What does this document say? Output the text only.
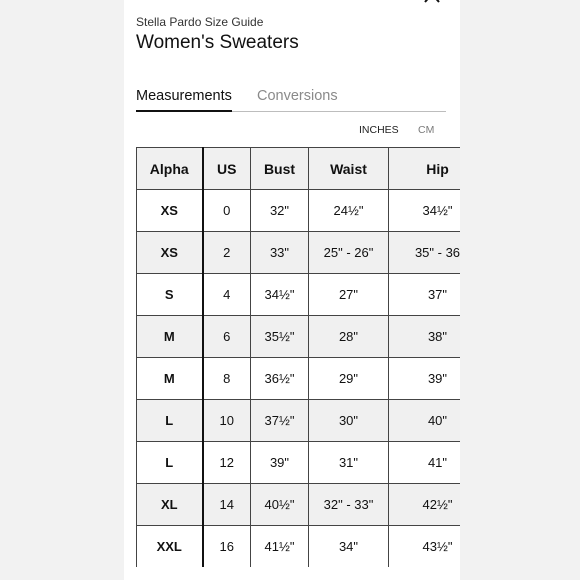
Stella Pardo Size Guide
Women's Sweaters
Measurements Conversions
INCHES CM
Alpha	US	Bust	Waist	Hip
XS	0	32"	24½"	34½"
XS	2	33"	25" - 26"	35" - 36
S	4	34½"	27"	37"
M	6	35½"	28"	38"
M	8	36½"	29"	39"
L	10	37½"	30"	40"
L	12	39"	31"	41"
XL	14	40½"	32" - 33"	42½"
XXL	16	41½"	34"	43½"
